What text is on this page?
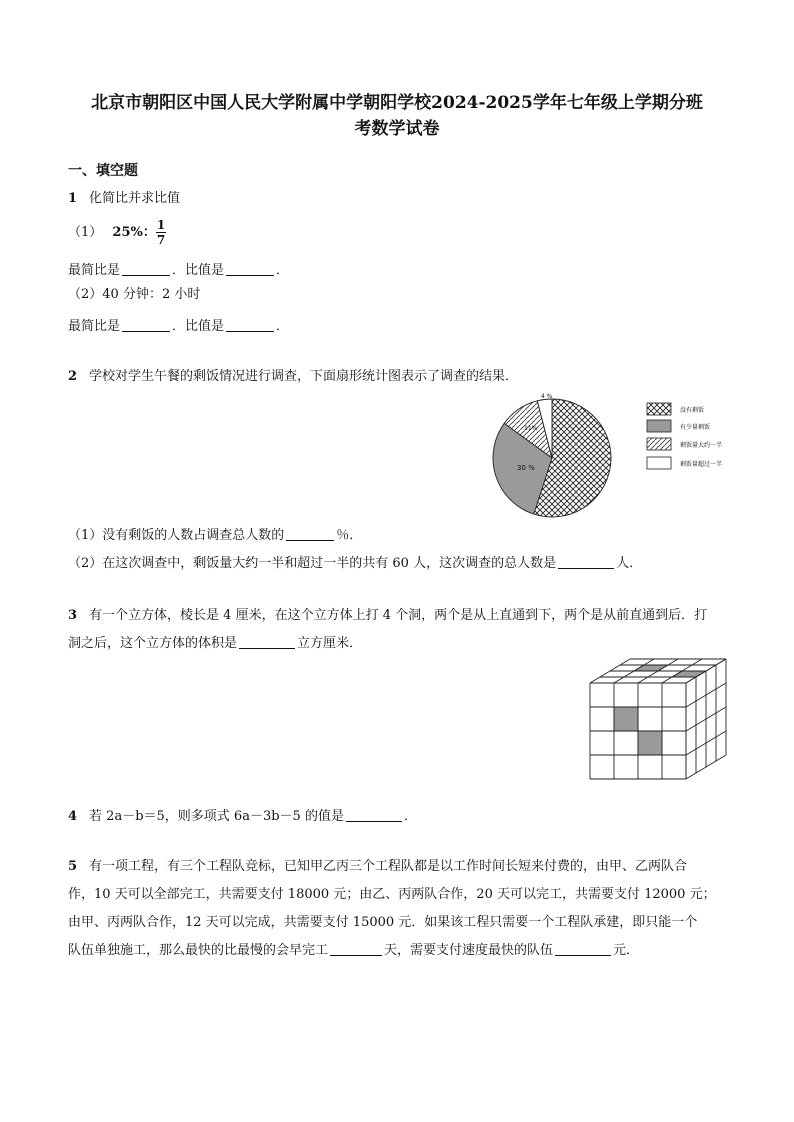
北京市朝阳区中国人民大学附属中学朝阳学校2024-2025学年七年级上学期分班
考数学试卷
一、填空题
1 化简比并求比值
（1） 25%： $\frac{1}{7}$
最简比是	．比值是	．
（2）40 分钟：2 小时
最简比是	．比值是	．
2 学校对学生午餐的剩饭情况进行调查，下面扇形统计图表示了调查的结果．
30 %
11%
4 %
没有剩饭
有少量剩饭
剩饭量大约一半
剩饭量超过一半
（1）没有剩饭的人数占调查总人数的	％．
（2）在这次调查中，剩饭量大约一半和超过一半的共有 60 人，这次调查的总人数是	人．
3 有一个立方体，棱长是 4 厘米，在这个立方体上打 4 个洞，两个是从上直通到下，两个是从前直通到后．打
洞之后，这个立方体的体积是	立方厘米．
4 若 2a－b＝5，则多项式 6a－3b－5 的值是	．
5 有一项工程，有三个工程队竞标，已知甲乙丙三个工程队都是以工作时间长短来付费的，由甲、乙两队合
作，10 天可以全部完工，共需要支付 18000 元；由乙、丙两队合作，20 天可以完工，共需要支付 12000 元；
由甲、丙两队合作，12 天可以完成，共需要支付 15000 元．如果该工程只需要一个工程队承建，即只能一个
队伍单独施工，那么最快的比最慢的会早完工	天，需要支付速度最快的队伍	元．
